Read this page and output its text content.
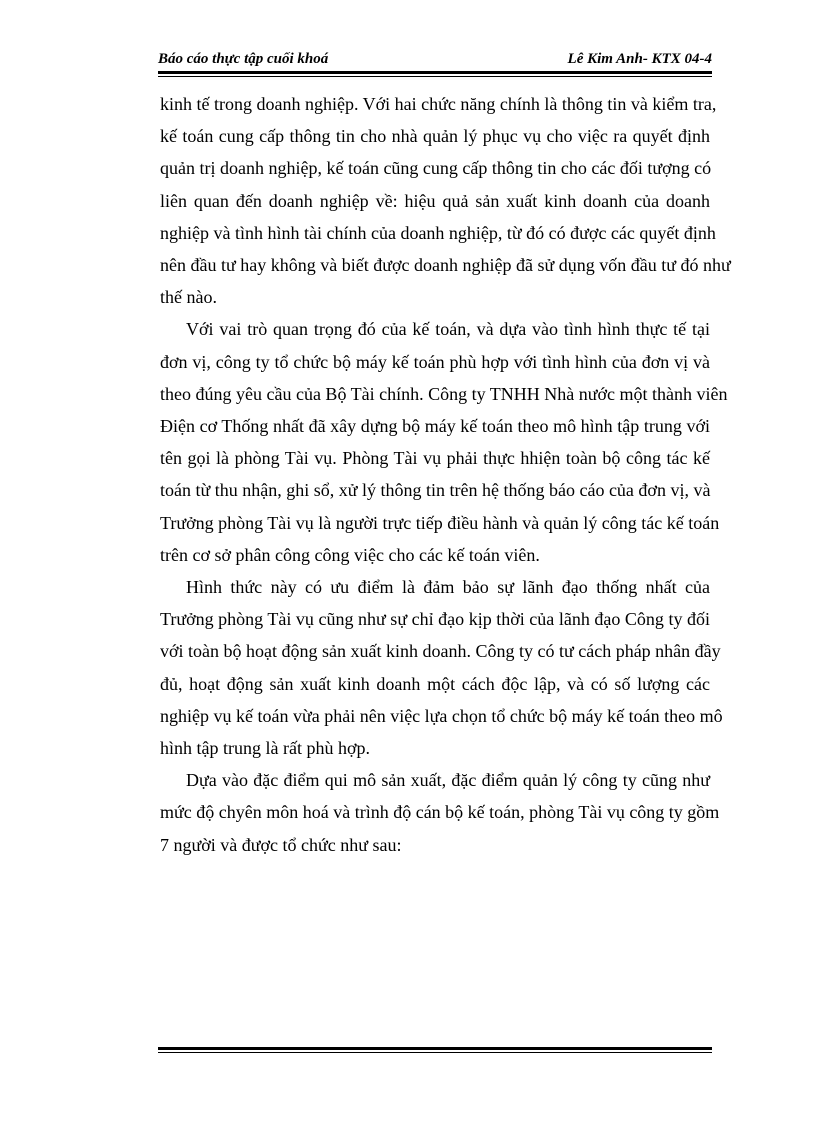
Báo cáo thực tập cuối khoá	Lê Kim Anh- KTX 04-4

kinh tế trong doanh nghiệp. Với hai chức năng chính là thông tin và kiểm tra,
kế toán cung cấp thông tin cho nhà quản lý phục vụ cho việc ra quyết định
quản trị doanh nghiệp, kế toán cũng cung cấp thông tin cho các đối tượng có
liên quan đến doanh nghiệp về: hiệu quả sản xuất kinh doanh của doanh
nghiệp và tình hình tài chính của doanh nghiệp, từ đó có được các quyết định
nên đầu tư hay không và biết được doanh nghiệp đã sử dụng vốn đầu tư đó như
thế nào.

Với vai trò quan trọng đó của kế toán, và dựa vào tình hình thực tế tại
đơn vị, công ty tổ chức bộ máy kế toán phù hợp với tình hình của đơn vị và
theo đúng yêu cầu của Bộ Tài chính. Công ty TNHH Nhà nước một thành viên
Điện cơ Thống nhất đã xây dựng bộ máy kế toán theo mô hình tập trung với
tên gọi là phòng Tài vụ. Phòng Tài vụ phải thực hhiện toàn bộ công tác kế
toán từ thu nhận, ghi sổ, xử lý thông tin trên hệ thống báo cáo của đơn vị, và
Trưởng phòng Tài vụ là người trực tiếp điều hành và quản lý công tác kế toán
trên cơ sở phân công công việc cho các kế toán viên.

Hình thức này có ưu điểm là đảm bảo sự lãnh đạo thống nhất của
Trưởng phòng Tài vụ cũng như sự chỉ đạo kịp thời của lãnh đạo Công ty đối
với toàn bộ hoạt động sản xuất kinh doanh. Công ty có tư cách pháp nhân đầy
đủ, hoạt động sản xuất kinh doanh một cách độc lập, và có số lượng các
nghiệp vụ kế toán vừa phải nên việc lựa chọn tổ chức bộ máy kế toán theo mô
hình tập trung là rất phù hợp.

Dựa vào đặc điểm qui mô sản xuất, đặc điểm quản lý công ty cũng như
mức độ chyên môn hoá và trình độ cán bộ kế toán, phòng Tài vụ công ty gồm
7 người và được tổ chức như sau:
